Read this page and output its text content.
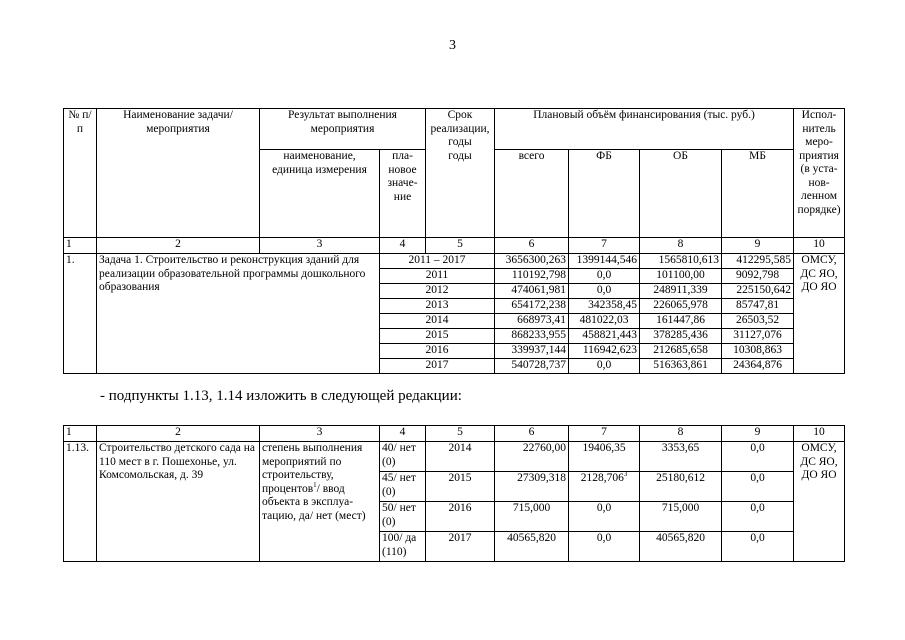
3
№ п/п	Наименование задачи/мероприятия	Результат выполнения мероприятия		Срок реализации, годы	Плановый объём финансирования (тыс. руб.)				Испол- нитель меро- приятия (в уста- нов- ленном порядке)
		наименование, единица измерения	пла- новое значе- ние	годы	всего	ФБ	ОБ	МБ	
1	2	3	4	5	6	7	8	9	10
1.	Задача 1. Строительство и реконструкция зданий для реализации образовательной программы дошкольного образования		2011 – 2017		3656300,263	1399144,546	1565810,613	412295,585	ОМСУ, ДС ЯО, ДО ЯО
			2011		110192,798	0,0	101100,00	9092,798	
			2012		474061,981	0,0	248911,339	225150,642	
			2013		654172,238	342358,45	226065,978	85747,81	
			2014		668973,41	481022,03	161447,86	26503,52	
			2015		868233,955	458821,443	378285,436	31127,076	
			2016		339937,144	116942,623	212685,658	10308,863	
			2017		540728,737	0,0	516363,861	24364,876	
- подпункты 1.13, 1.14 изложить в следующей редакции:
1	2	3	4	5	6	7	8	9	10
1.13.	Строительство детского сада на 110 мест в г. Пошехонье, ул. Комсомольская, д. 39	степень выполнения мероприятий по строительству, процентов$^1$/ ввод объекта в эксплуа- тацию, да/ нет (мест)	40/ нет (0)	2014	22760,00	19406,35	3353,65	0,0	ОМСУ, ДС ЯО, ДО ЯО
			45/ нет (0)	2015	27309,318	2128,706$^3$	25180,612	0,0	
			50/ нет (0)	2016	715,000	0,0	715,000	0,0	
			100/ да (110)	2017	40565,820	0,0	40565,820	0,0	
